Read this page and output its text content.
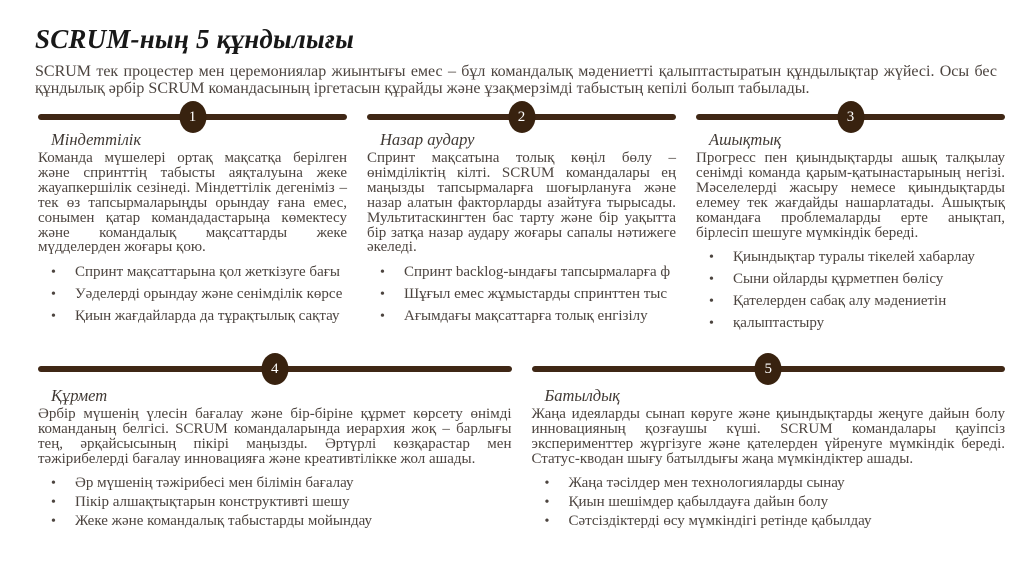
SCRUM-ның 5 құндылығы

SCRUM тек процестер мен церемониялар жиынтығы емес – бұл командалық мәдениетті қалыптастыратын құндылықтар жүйесі. Осы бес құндылық әрбір SCRUM командасының іргетасын құрайды және ұзақмерзімді табыстың кепілі болып табылады.

1	2	3
Міндеттілік

Команда мүшелері ортақ мақсатқа берілген және спринттің табысты аяқталуына жеке жауапкершілік сезінеді. Міндеттілік дегеніміз – тек өз тапсырмаларыңды орындау ғана емес, сонымен қатар командадастарыңа көмектесу және командалық мақсаттарды жеке мүдделерден жоғары қою.

• Спринт мақсаттарына қол жеткізуге бағы
• Уәделерді орындау және сенімділік көрсе
• Қиын жағдайларда да тұрақтылық сақтау
Назар аудару

Спринт мақсатына толық көңіл бөлу – өнімділіктің кілті. SCRUM командалары ең маңызды тапсырмаларға шоғырлануға және назар алатын факторларды азайтуға тырысады. Мультитаскингтен бас тарту және бір уақытта бір затқа назар аудару жоғары сапалы нәтижеге әкеледі.

• Спринт backlog-ындағы тапсырмаларға ф
• Шұғыл емес жұмыстарды спринттен тыс
• Ағымдағы мақсаттарға толық енгізілу
Ашықтық

Прогресс пен қиындықтарды ашық талқылау сенімді команда қарым-қатынастарының негізі. Мәселелерді жасыру немесе қиындықтарды елемеу тек жағдайды нашарлатады. Ашықтық командаға проблемаларды ерте анықтап, бірлесіп шешуге мүмкіндік береді.

• Қиындықтар туралы тікелей хабарлау
• Сыни ойларды құрметпен бөлісу
• Қателерден сабақ алу мәдениетін
• қалыптастыру
4	5
Құрмет

Әрбір мүшенің үлесін бағалау және бір-біріне құрмет көрсету өнімді команданың белгісі. SCRUM командаларында иерархия жоқ – барлығы тең, әрқайсысының пікірі маңызды. Әртүрлі көзқарастар мен тәжірибелерді бағалау инновацияға және креативтілікке жол ашады.

• Әр мүшенің тәжірибесі мен білімін бағалау
• Пікір алшақтықтарын конструктивті шешу
• Жеке және командалық табыстарды мойындау
Батылдық

Жаңа идеяларды сынап көруге және қиындықтарды жеңуге дайын болу инновацияның қозғаушы күші. SCRUM командалары қауіпсіз эксперименттер жүргізуге және қателерден үйренуге мүмкіндік береді. Статус-кводан шығу батылдығы жаңа мүмкіндіктер ашады.

• Жаңа тәсілдер мен технологияларды сынау
• Қиын шешімдер қабылдауға дайын болу
• Сәтсіздіктерді өсу мүмкіндігі ретінде қабылдау
